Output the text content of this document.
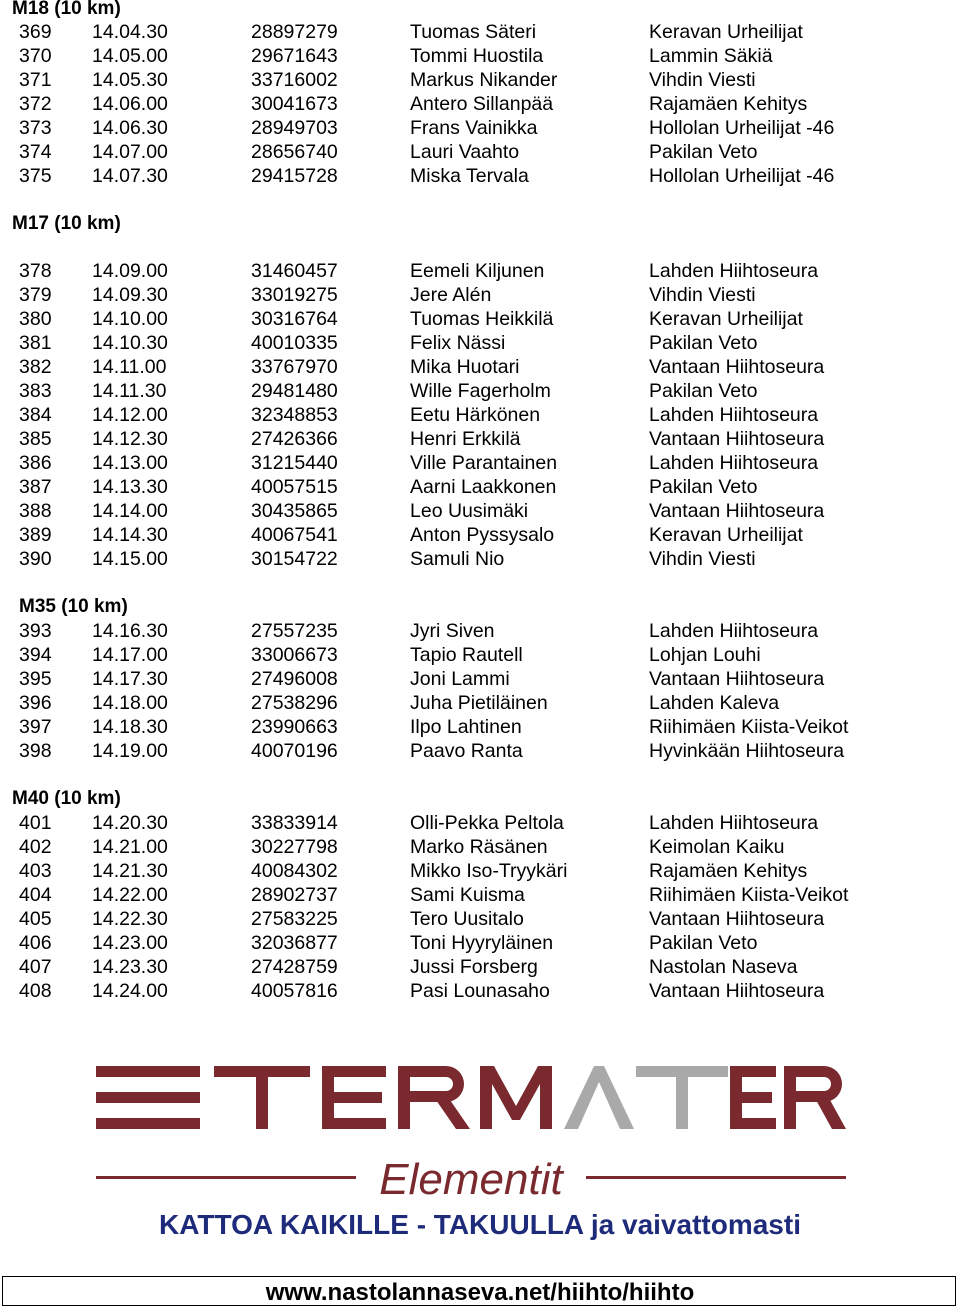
M18 (10 km)
369 14.04.30	28897279	Tuomas Säteri	Keravan Urheilijat
370 14.05.00	29671643	Tommi Huostila	Lammin Säkiä
371 14.05.30	33716002	Markus Nikander	Vihdin Viesti
372 14.06.00	30041673	Antero Sillanpää	Rajamäen Kehitys
373 14.06.30	28949703	Frans Vainikka	Hollolan Urheilijat -46
374 14.07.00	28656740	Lauri Vaahto	Pakilan Veto
375 14.07.30	29415728	Miska Tervala	Hollolan Urheilijat -46
M17 (10 km)
378 14.09.00	31460457	Eemeli Kiljunen	Lahden Hiihtoseura
379 14.09.30	33019275	Jere Alén	Vihdin Viesti
380 14.10.00	30316764	Tuomas Heikkilä	Keravan Urheilijat
381 14.10.30	40010335	Felix Nässi	Pakilan Veto
382 14.11.00	33767970	Mika Huotari	Vantaan Hiihtoseura
383 14.11.30	29481480	Wille Fagerholm	Pakilan Veto
384 14.12.00	32348853	Eetu Härkönen	Lahden Hiihtoseura
385 14.12.30	27426366	Henri Erkkilä	Vantaan Hiihtoseura
386 14.13.00	31215440	Ville Parantainen	Lahden Hiihtoseura
387 14.13.30	40057515	Aarni Laakkonen	Pakilan Veto
388 14.14.00	30435865	Leo Uusimäki	Vantaan Hiihtoseura
389 14.14.30	40067541	Anton Pyssysalo	Keravan Urheilijat
390 14.15.00	30154722	Samuli Nio	Vihdin Viesti
M35 (10 km)
393 14.16.30	27557235	Jyri Siven	Lahden Hiihtoseura
394 14.17.00	33006673	Tapio Rautell	Lohjan Louhi
395 14.17.30	27496008	Joni Lammi	Vantaan Hiihtoseura
396 14.18.00	27538296	Juha Pietiläinen	Lahden Kaleva
397 14.18.30	23990663	Ilpo Lahtinen	Riihimäen Kiista-Veikot
398 14.19.00	40070196	Paavo Ranta	Hyvinkään Hiihtoseura
M40 (10 km)
401 14.20.30	33833914	Olli-Pekka Peltola	Lahden Hiihtoseura
402 14.21.00	30227798	Marko Räsänen	Keimolan Kaiku
403 14.21.30	40084302	Mikko Iso-Tryykäri	Rajamäen Kehitys
404 14.22.00	28902737	Sami Kuisma	Riihimäen Kiista-Veikot
405 14.22.30	27583225	Tero Uusitalo	Vantaan Hiihtoseura
406 14.23.00	32036877	Toni Hyyryläinen	Pakilan Veto
407 14.23.30	27428759	Jussi Forsberg	Nastolan Naseva
408 14.24.00	40057816	Pasi Lounasaho	Vantaan Hiihtoseura
Elementit
KATTOA KAIKILLE - TAKUULLA ja vaivattomasti
www.nastolannaseva.net/hiihto/hiihto
